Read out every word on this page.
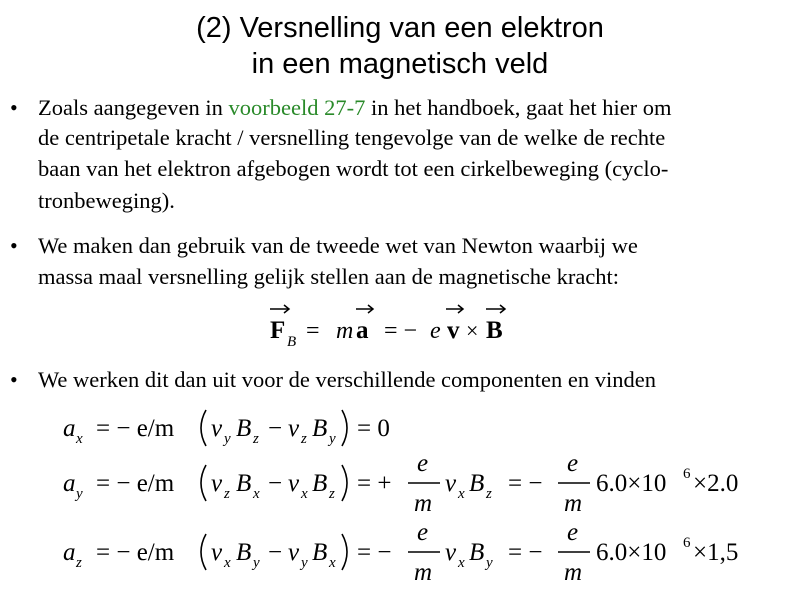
(2) Versnelling van een elektron
in een magnetisch veld
• Zoals aangegeven in voorbeeld 27-7 in het handboek, gaat het hier om
de centripetale kracht / versnelling tengevolge van de welke de rechte
baan van het elektron afgebogen wordt tot een cirkelbeweging (cyclo-
tronbeweging).
• We maken dan gebruik van de tweede wet van Newton waarbij we
massa maal versnelling gelijk stellen aan de magnetische kracht:
F B = m a = − e v × B
a x = − e/m v y B z − v z B y = 0
a y = − e/m v z B x − v x B z = +
e
m
v x B z = −
e
m
6.0×10 6 ×2.0
a z = − e/m v x B y − v y B x = −
e
m
v x B y = −
e
m
6.0×10 6 ×1,5
• We werken dit dan uit voor de verschillende componenten en vinden
